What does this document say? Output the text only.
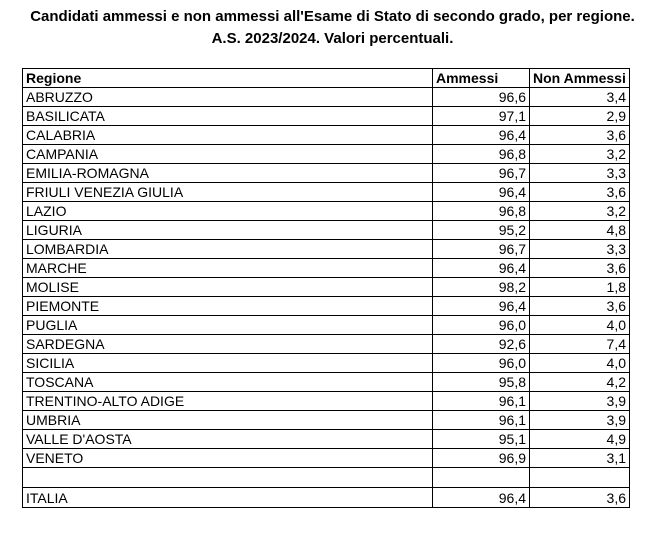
Candidati ammessi e non ammessi all'Esame di Stato di secondo grado, per regione.
A.S. 2023/2024. Valori percentuali.
Regione	Ammessi	Non Ammessi
ABRUZZO	96,6	3,4
BASILICATA	97,1	2,9
CALABRIA	96,4	3,6
CAMPANIA	96,8	3,2
EMILIA-ROMAGNA	96,7	3,3
FRIULI VENEZIA GIULIA	96,4	3,6
LAZIO	96,8	3,2
LIGURIA	95,2	4,8
LOMBARDIA	96,7	3,3
MARCHE	96,4	3,6
MOLISE	98,2	1,8
PIEMONTE	96,4	3,6
PUGLIA	96,0	4,0
SARDEGNA	92,6	7,4
SICILIA	96,0	4,0
TOSCANA	95,8	4,2
TRENTINO-ALTO ADIGE	96,1	3,9
UMBRIA	96,1	3,9
VALLE D'AOSTA	95,1	4,9
VENETO	96,9	3,1

ITALIA	96,4	3,6
